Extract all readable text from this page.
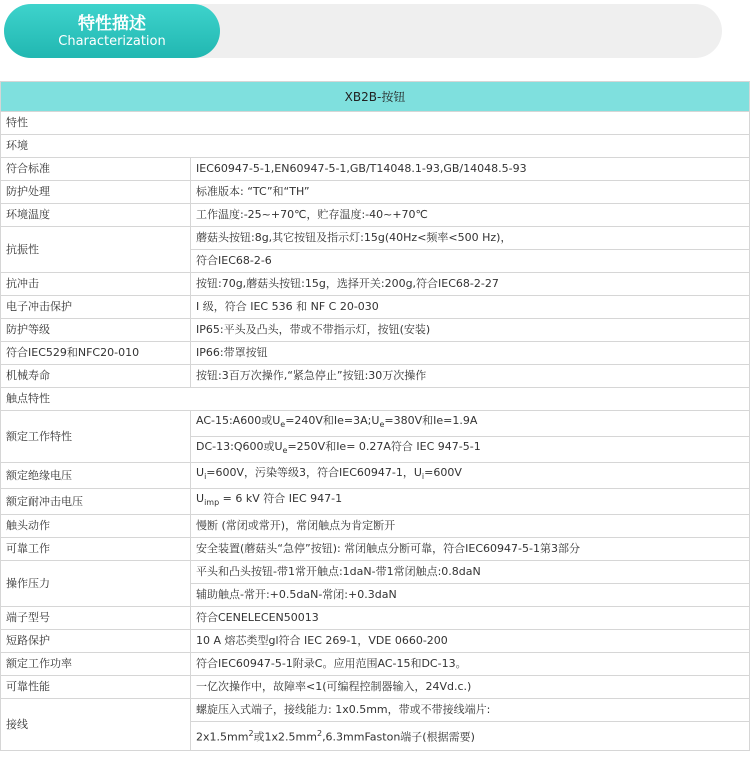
特性描述
Characterization
XB2B-按钮	
特性	
环境	
符合标准	IEC60947-5-1,EN60947-5-1,GB/T14048.1-93,GB/14048.5-93
防护处理	标准版本: “TC”和“TH”
环境温度	工作温度:-25~+70℃，贮存温度:-40~+70℃
抗振性	蘑菇头按钮:8g,其它按钮及指示灯:15g(40Hz<频率<500 Hz)，
	符合IEC68-2-6
抗冲击	按钮:70g,蘑菇头按钮:15g，选择开关:200g,符合IEC68-2-27
电子冲击保护	I 级，符合 IEC 536 和 NF C 20-030
防护等级	IP65:平头及凸头，带或不带指示灯，按钮(安装)
符合IEC529和NFC20-010	IP66:带罩按钮
机械寿命	按钮:3百万次操作,“紧急停止”按钮:30万次操作
触点特性	
额定工作特性	AC-15:A600或$U_e=240V$和$Ie=3A;U_e=380V$和Ie=1.9A
	DC-13:Q600或$U_e=250V$和Ie= 0.27A符合 IEC 947-5-1
额定绝缘电压	$U_i=600V$，污染等级3，符合IEC60947-1，$U_i=600V$
额定耐冲击电压	$U_{imp} = 6$ kV 符合 IEC 947-1
触头动作	慢断 (常闭或常开)，常闭触点为肯定断开
可靠工作	安全装置(蘑菇头“急停”按钮): 常闭触点分断可靠，符合IEC60947-5-1第3部分
操作压力	平头和凸头按钮-带1常开触点:1daN-带1常闭触点:0.8daN
	辅助触点-常开:+0.5daN-常闭:+0.3daN
端子型号	符合CENELECEN50013
短路保护	10 A 熔芯类型gl符合 IEC 269-1，VDE 0660-200
额定工作功率	符合IEC60947-5-1附录C。应用范围AC-15和DC-13。
可靠性能	一亿次操作中，故障率<1(可编程控制器输入，24Vd.c.)
接线	螺旋压入式端子，接线能力: 1x0.5mm，带或不带接线端片:
	$2x1.5mm^2$或$1x2.5mm^2,6.3mmFaston$端子(根据需要)
